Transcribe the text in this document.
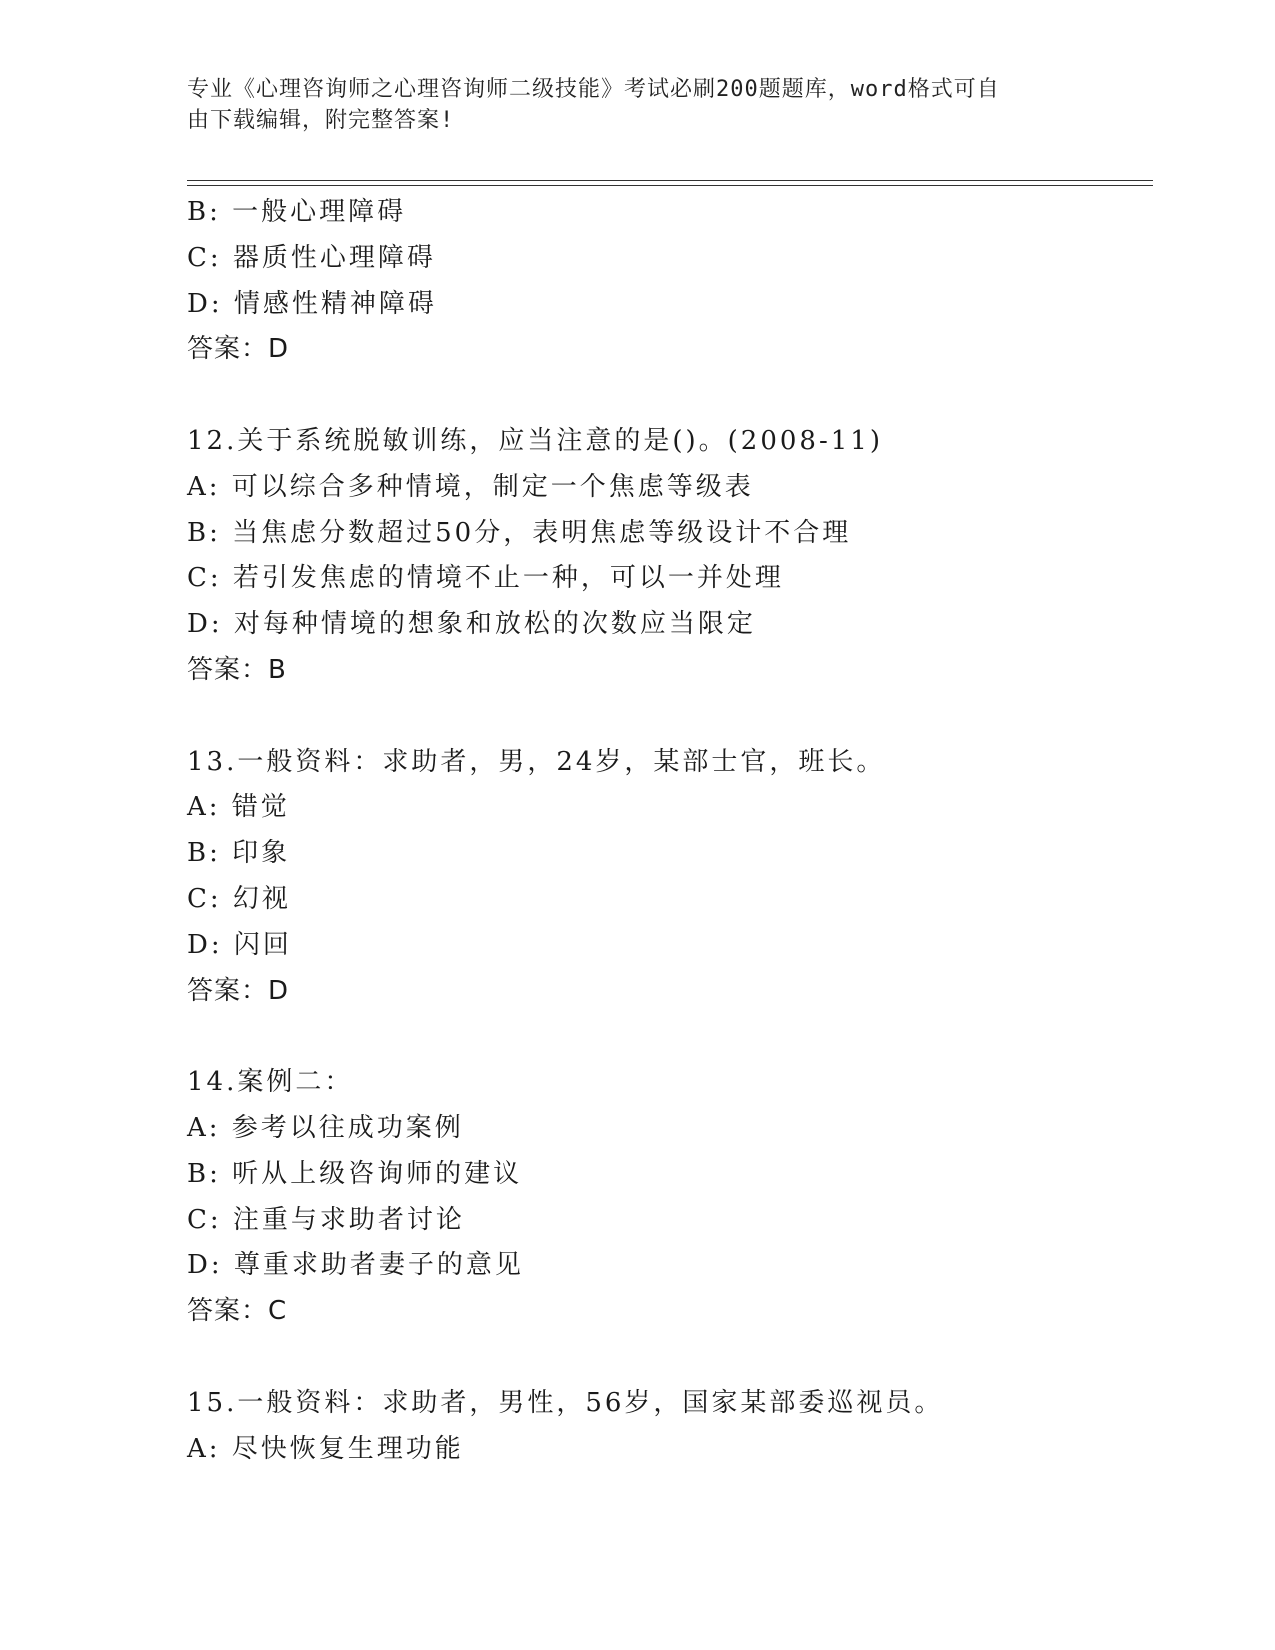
专业《心理咨询师之心理咨询师二级技能》考试必刷200题题库，word格式可自
由下载编辑，附完整答案!
B: 一般心理障碍
C: 器质性心理障碍
D: 情感性精神障碍
答案：D
12.关于系统脱敏训练，应当注意的是()。(2008-11)
A: 可以综合多种情境，制定一个焦虑等级表
B: 当焦虑分数超过50分，表明焦虑等级设计不合理
C: 若引发焦虑的情境不止一种，可以一并处理
D: 对每种情境的想象和放松的次数应当限定
答案：B
13.一般资料：求助者，男，24岁，某部士官，班长。
A: 错觉
B: 印象
C: 幻视
D: 闪回
答案：D
14.案例二：
A: 参考以往成功案例
B: 听从上级咨询师的建议
C: 注重与求助者讨论
D: 尊重求助者妻子的意见
答案：C
15.一般资料：求助者，男性，56岁，国家某部委巡视员。
A: 尽快恢复生理功能
